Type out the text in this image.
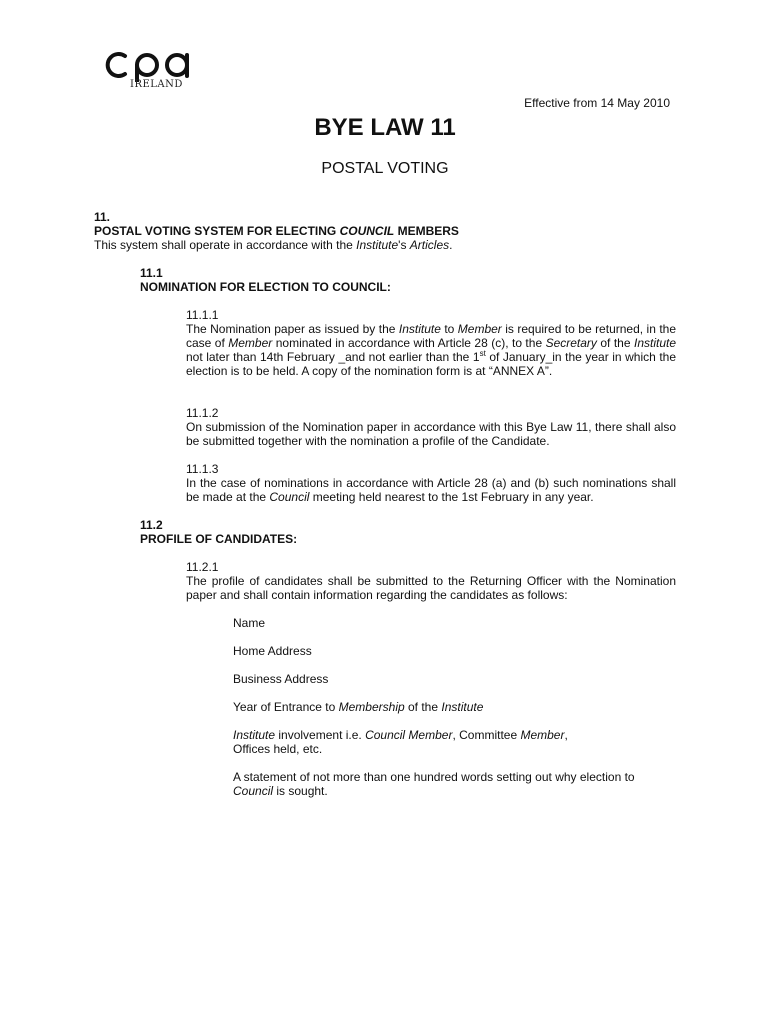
IRELAND
Effective from 14 May 2010
BYE LAW 11
POSTAL VOTING
11.
POSTAL VOTING SYSTEM FOR ELECTING COUNCIL MEMBERS
This system shall operate in accordance with the Institute's Articles.
11.1
NOMINATION FOR ELECTION TO COUNCIL:
11.1.1
The Nomination paper as issued by the Institute to Member is required to be returned, in the case of Member nominated in accordance with Article 28 (c), to the Secretary of the Institute not later than 14th February _and not earlier than the 1st of January_in the year in which the election is to be held. A copy of the nomination form is at “ANNEX A”.
11.1.2
On submission of the Nomination paper in accordance with this Bye Law 11, there shall also be submitted together with the nomination a profile of the Candidate.
11.1.3
In the case of nominations in accordance with Article 28 (a) and (b) such nominations shall be made at the Council meeting held nearest to the 1st February in any year.
11.2
PROFILE OF CANDIDATES:
11.2.1
The profile of candidates shall be submitted to the Returning Officer with the Nomination paper and shall contain information regarding the candidates as follows:
Name
Home Address
Business Address
Year of Entrance to Membership of the Institute
Institute involvement i.e. Council Member, Committee Member,
Offices held, etc.
A statement of not more than one hundred words setting out why election to
Council is sought.
